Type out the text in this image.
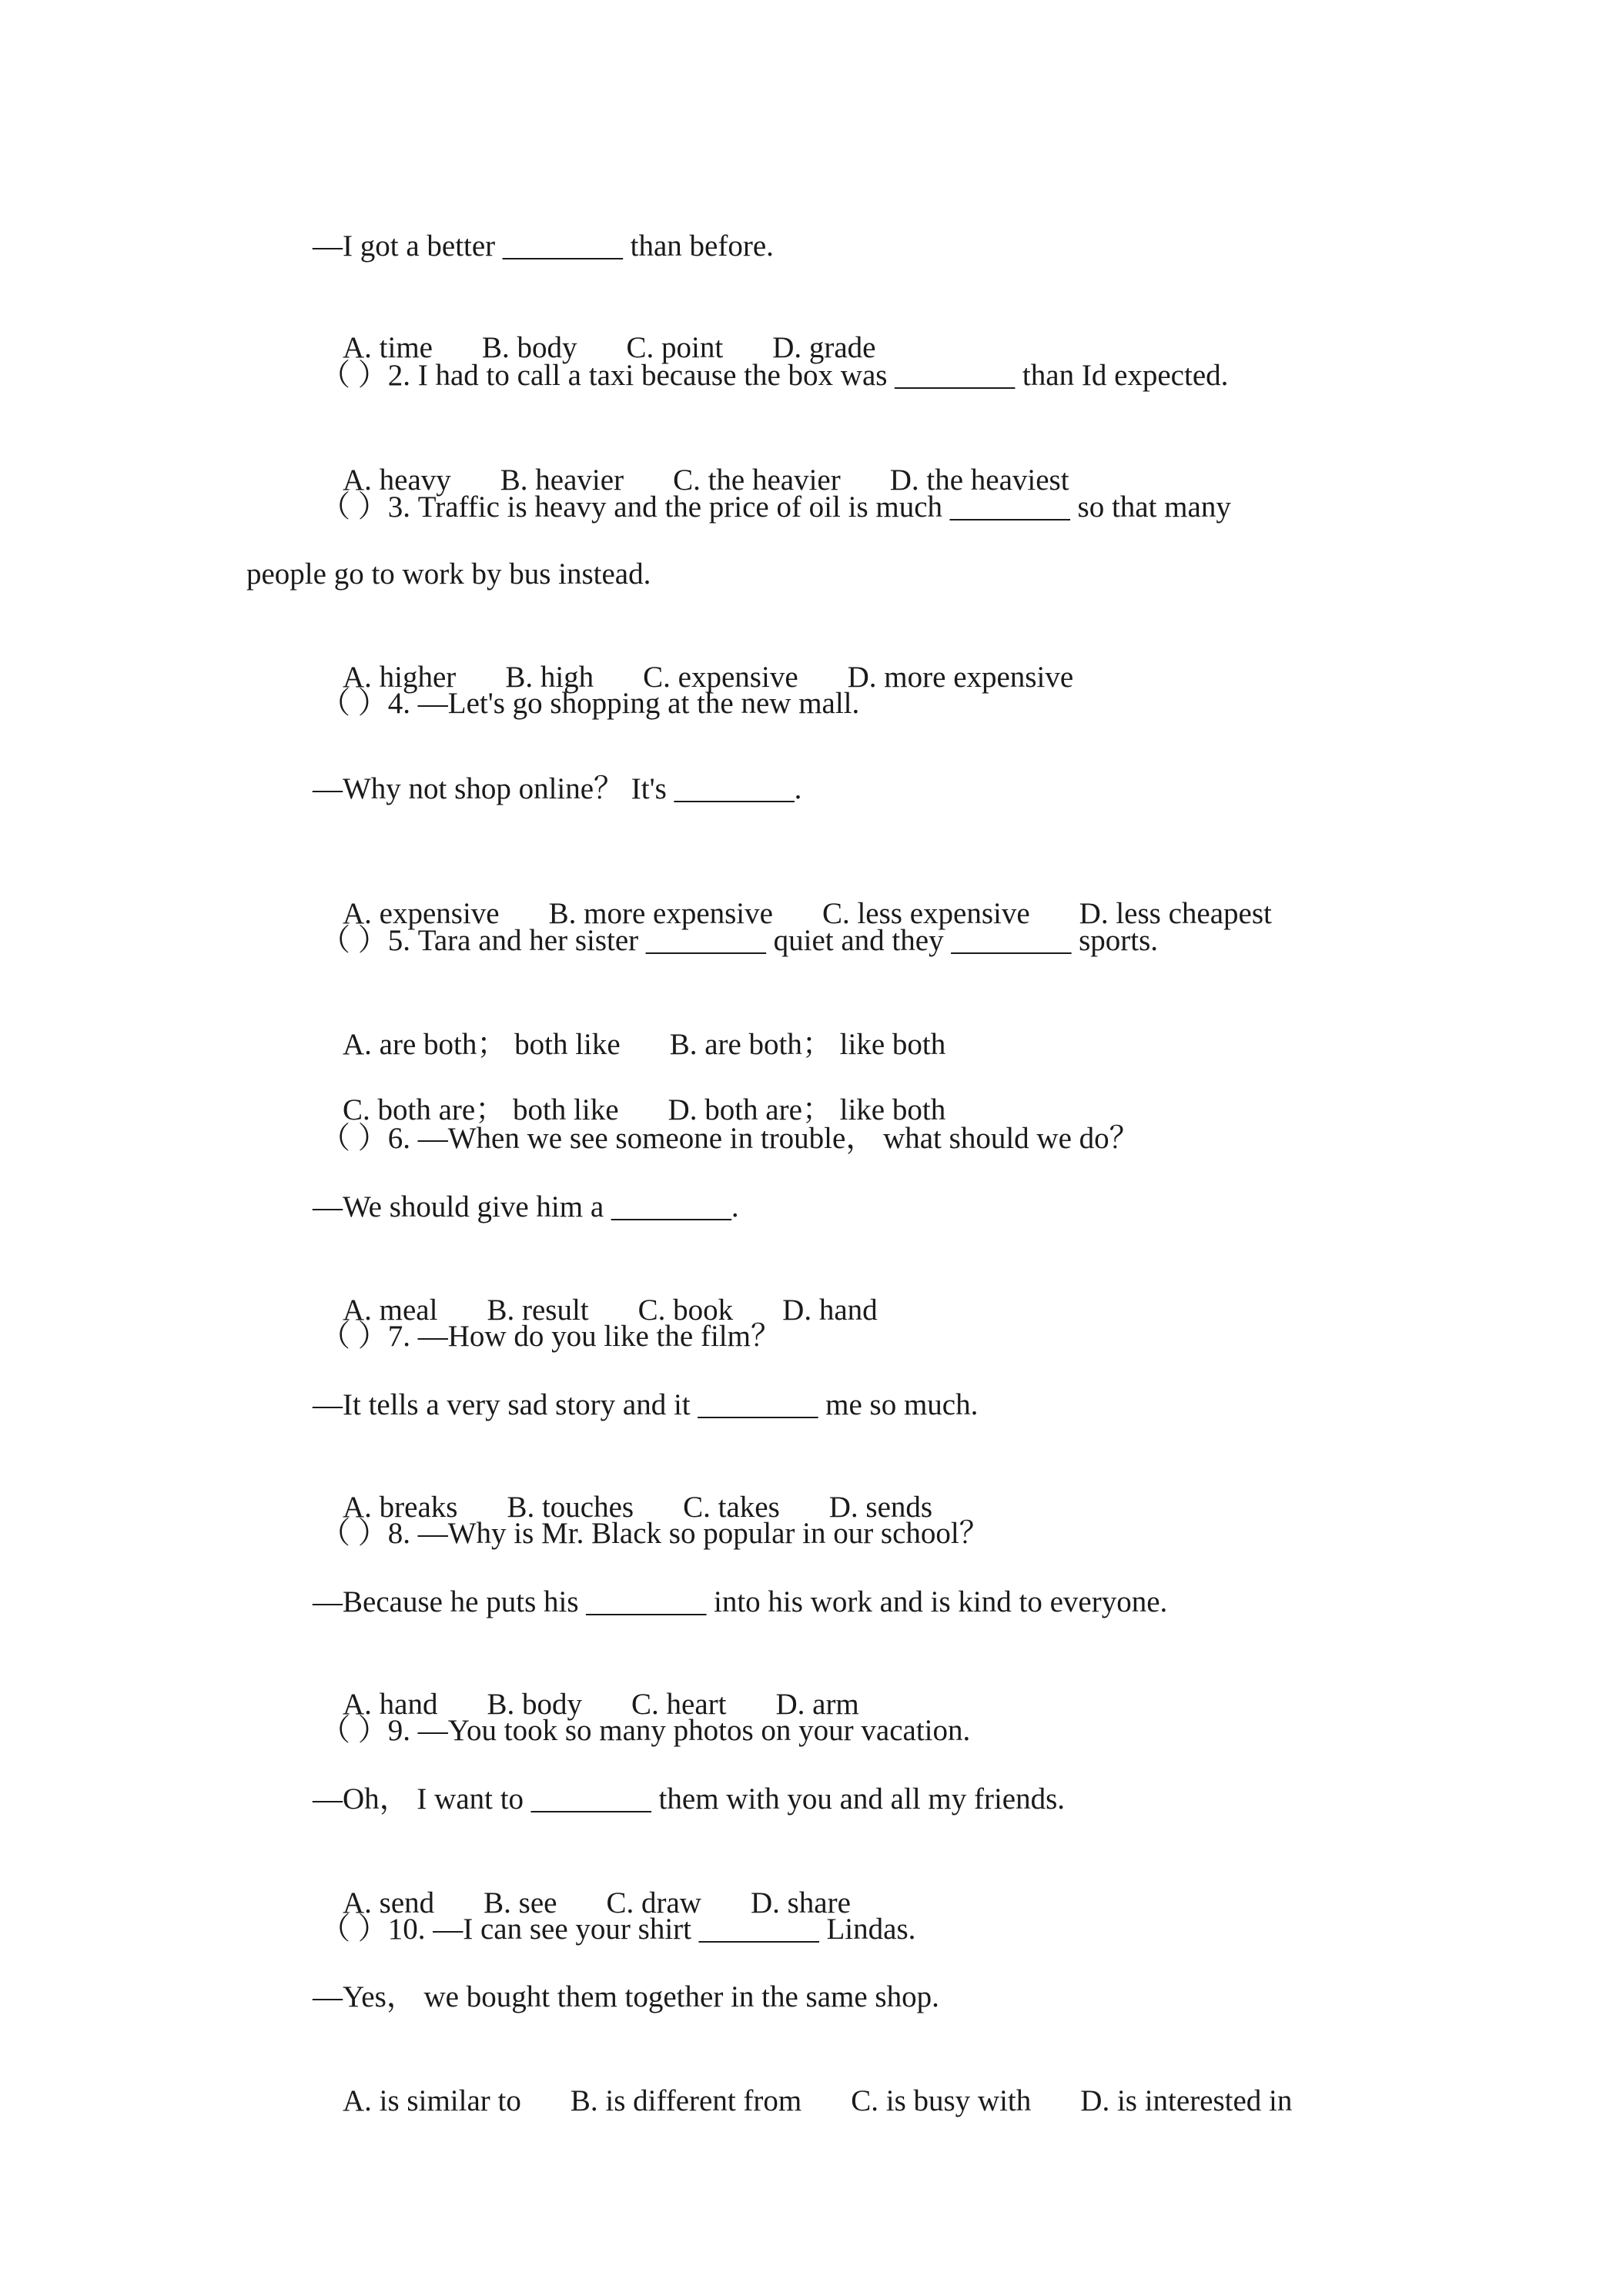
—I got a better ________ than before.

A. time B. body C. point D. grade

（ ）2. I had to call a taxi because the box was ________ than Id expected.

A. heavy B. heavier C. the heavier D. the heaviest

（ ）3. Traffic is heavy and the price of oil is much ________ so that many
people go to work by bus instead.

A. higher B. high C. expensive D. more expensive

（ ）4. —Let's go shopping at the new mall.
—Why not shop online？ It's ________.

A. expensive B. more expensive C. less expensive D. less cheapest

（ ）5. Tara and her sister ________ quiet and they ________ sports.

A. are both； both like B. are both； like both

C. both are； both like D. both are； like both

（ ）6. —When we see someone in trouble， what should we do？
—We should give him a ________.

A. meal B. result C. book D. hand

（ ）7. —How do you like the film？
—It tells a very sad story and it ________ me so much.

A. breaks B. touches C. takes D. sends

（ ）8. —Why is Mr. Black so popular in our school？
—Because he puts his ________ into his work and is kind to everyone.

A. hand B. body C. heart D. arm

（ ）9. —You took so many photos on your vacation.
—Oh， I want to ________ them with you and all my friends.

A. send B. see C. draw D. share

（ ）10. —I can see your shirt ________ Lindas.
—Yes， we bought them together in the same shop.

A. is similar to B. is different from C. is busy with D. is interested in
